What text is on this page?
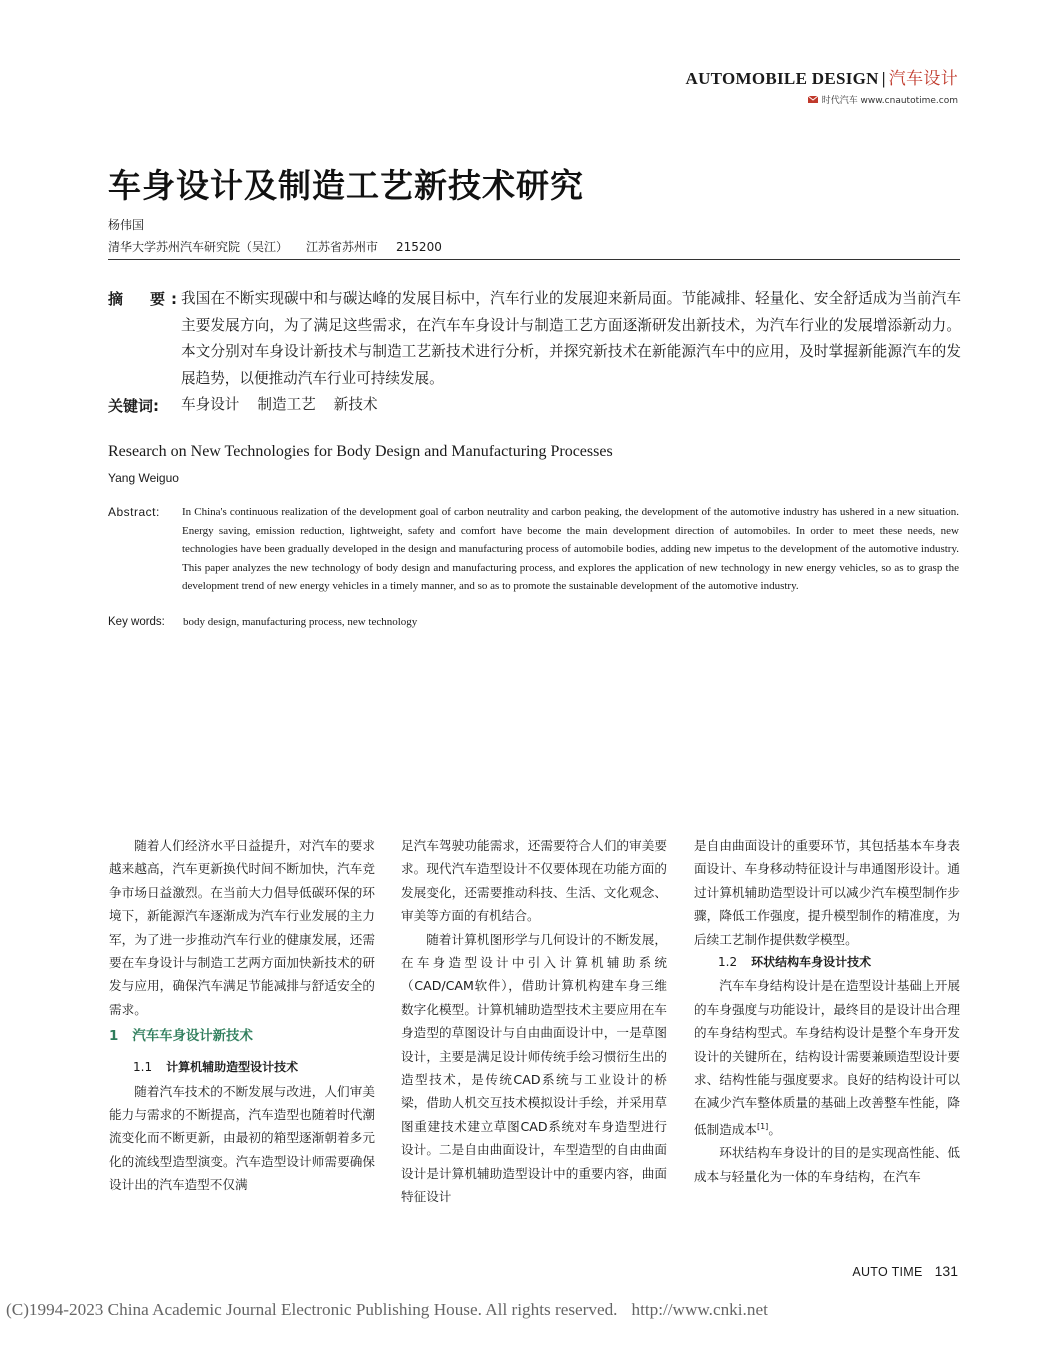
AUTOMOBILE DESIGN | 汽车设计
时代汽车 www.cnautotime.com
车身设计及制造工艺新技术研究
杨伟国
清华大学苏州汽车研究院（吴江） 江苏省苏州市 215200
摘　要:
我国在不断实现碳中和与碳达峰的发展目标中，汽车行业的发展迎来新局面。节能减排、轻量化、安全舒适成为当前汽车主要发展方向，为了满足这些需求，在汽车车身设计与制造工艺方面逐渐研发出新技术，为汽车行业的发展增添新动力。本文分别对车身设计新技术与制造工艺新技术进行分析，并探究新技术在新能源汽车中的应用，及时掌握新能源汽车的发展趋势，以便推动汽车行业可持续发展。
关键词: 车身设计 制造工艺 新技术
Research on New Technologies for Body Design and Manufacturing Processes
Yang Weiguo
Abstract: In China's continuous realization of the development goal of carbon neutrality and carbon peaking, the development of the automotive industry has ushered in a new situation. Energy saving, emission reduction, lightweight, safety and comfort have become the main development direction of automobiles. In order to meet these needs, new technologies have been gradually developed in the design and manufacturing process of automobile bodies, adding new impetus to the development of the automotive industry. This paper analyzes the new technology of body design and manufacturing process, and explores the application of new technology in new energy vehicles, so as to grasp the development trend of new energy vehicles in a timely manner, and so as to promote the sustainable development of the automotive industry.
Key words: body design, manufacturing process, new technology

随着人们经济水平日益提升，对汽车的要求越来越高，汽车更新换代时间不断加快，汽车竞争市场日益激烈。在当前大力倡导低碳环保的环境下，新能源汽车逐渐成为汽车行业发展的主力军，为了进一步推动汽车行业的健康发展，还需要在车身设计与制造工艺两方面加快新技术的研发与应用，确保汽车满足节能减排与舒适安全的需求。

1 汽车车身设计新技术
1.1 计算机辅助造型设计技术

随着汽车技术的不断发展与改进，人们审美能力与需求的不断提高，汽车造型也随着时代潮流变化而不断更新，由最初的箱型逐渐朝着多元化的流线型造型演变。汽车造型设计师需要确保设计出的汽车造型不仅满

足汽车驾驶功能需求，还需要符合人们的审美要求。现代汽车造型设计不仅要体现在功能方面的发展变化，还需要推动科技、生活、文化观念、审美等方面的有机结合。

随着计算机图形学与几何设计的不断发展，在车身造型设计中引入计算机辅助系统（CAD/CAM软件），借助计算机构建车身三维数字化模型。计算机辅助造型技术主要应用在车身造型的草图设计与自由曲面设计中，一是草图设计，主要是满足设计师传统手绘习惯衍生出的造型技术，是传统CAD系统与工业设计的桥梁，借助人机交互技术模拟设计手绘，并采用草图重建技术建立草图CAD系统对车身造型进行设计。二是自由曲面设计，车型造型的自由曲面设计是计算机辅助造型设计中的重要内容，曲面特征设计

是自由曲面设计的重要环节，其包括基本车身表面设计、车身移动特征设计与串通图形设计。通过计算机辅助造型设计可以减少汽车模型制作步骤，降低工作强度，提升模型制作的精准度，为后续工艺制作提供数学模型。

1.2 环状结构车身设计技术

汽车车身结构设计是在造型设计基础上开展的车身强度与功能设计，最终目的是设计出合理的车身结构型式。车身结构设计是整个车身开发设计的关键所在，结构设计需要兼顾造型设计要求、结构性能与强度要求。良好的结构设计可以在减少汽车整体质量的基础上改善整车性能，降低制造成本[1]。

环状结构车身设计的目的是实现高性能、低成本与轻量化为一体的车身结构，在汽车

AUTO TIME 131
(C)1994-2023 China Academic Journal Electronic Publishing House. All rights reserved. http://www.cnki.net
